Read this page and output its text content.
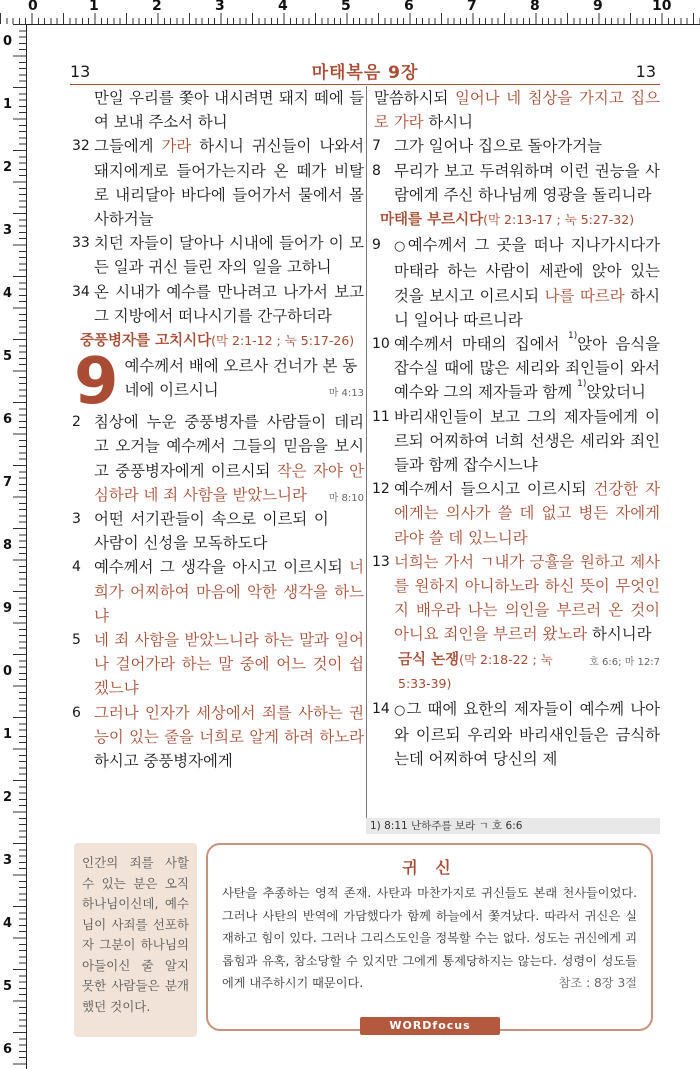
0	1	2	3	4	5	6	7	8	9	10
0
1
2
3
4
5
6
7
8
9
0
1
2
3
4
5
6
13	마태복음 9장	13

만일 우리를 쫓아 내시려면 돼지 떼에 들여 보내 주소서 하니

32 그들에게 가라 하시니 귀신들이 나와서 돼지에게로 들어가는지라 온 떼가 비탈로 내리달아 바다에 들어가서 물에서 몰사하거늘

33 치던 자들이 달아나 시내에 들어가 이 모든 일과 귀신 들린 자의 일을 고하니

34 온 시내가 예수를 만나려고 나가서 보고 그 지방에서 떠나시기를 간구하더라

중풍병자를 고치시다(막 2:1-12 ; 눅 5:17-26)
9 예수께서 배에 오르사 건너가 본 동네에 이르시니	마 4:13

2 침상에 누운 중풍병자를 사람들이 데리고 오거늘 예수께서 그들의 믿음을 보시고 중풍병자에게 이르시되 작은 자야 안심하라 네 죄 사함을 받았느니라 마 8:10

3 어떤 서기관들이 속으로 이르되 이 사람이 신성을 모독하도다

4 예수께서 그 생각을 아시고 이르시되 너희가 어찌하여 마음에 악한 생각을 하느냐

5 네 죄 사함을 받았느니라 하는 말과 일어나 걸어가라 하는 말 중에 어느 것이 쉽겠느냐

6 그러나 인자가 세상에서 죄를 사하는 권능이 있는 줄을 너희로 알게 하려 하노라 하시고 중풍병자에게

말씀하시되 일어나 네 침상을 가지고 집으로 가라 하시니

7 그가 일어나 집으로 돌아가거늘

8 무리가 보고 두려워하며 이런 권능을 사람에게 주신 하나님께 영광을 돌리니라

마태를 부르시다(막 2:13-17 ; 눅 5:27-32)

9 ○예수께서 그 곳을 떠나 지나가시다가 마태라 하는 사람이 세관에 앉아 있는 것을 보시고 이르시되 나를 따르라 하시니 일어나 따르니라

10 예수께서 마태의 집에서 $^{1)}$앉아 음식을 잡수실 때에 많은 세리와 죄인들이 와서 예수와 그의 제자들과 함께 $^{1)}$앉았더니

11 바리새인들이 보고 그의 제자들에게 이르되 어찌하여 너희 선생은 세리와 죄인들과 함께 잡수시느냐

12 예수께서 들으시고 이르시되 건강한 자에게는 의사가 쓸 데 없고 병든 자에게라야 쓸 데 있느니라

13 너희는 가서 ㄱ내가 긍휼을 원하고 제사를 원하지 아니하노라 하신 뜻이 무엇인지 배우라 나는 의인을 부르러 온 것이 아니요 죄인을 부르러 왔노라 하시니라
호 6:6; 마 12:7

금식 논쟁(막 2:18-22 ; 눅 5:33-39)

14 ○그 때에 요한의 제자들이 예수께 나아와 이르되 우리와 바리새인들은 금식하는데 어찌하여 당신의 제

1) 8:11 난하주를 보라 ㄱ 호 6:6
인간의 죄를 사할 수 있는 분은 오직 하나님이신데, 예수님이 사죄를 선포하자 그분이 하나님의 아들이신 줄 알지 못한 사람들은 분개했던 것이다.
귀 신
사탄을 추종하는 영적 존재. 사탄과 마찬가지로 귀신들도 본래 천사들이었다. 그러나 사탄의 반역에 가담했다가 함께 하늘에서 쫓겨났다. 따라서 귀신은 실재하고 힘이 있다. 그러나 그리스도인을 정복할 수는 없다. 성도는 귀신에게 괴롭힘과 유혹, 참소당할 수 있지만 그에게 통제당하지는 않는다. 성령이 성도들에게 내주하시기 때문이다.	참조 : 8장 3절
WORDfocus
